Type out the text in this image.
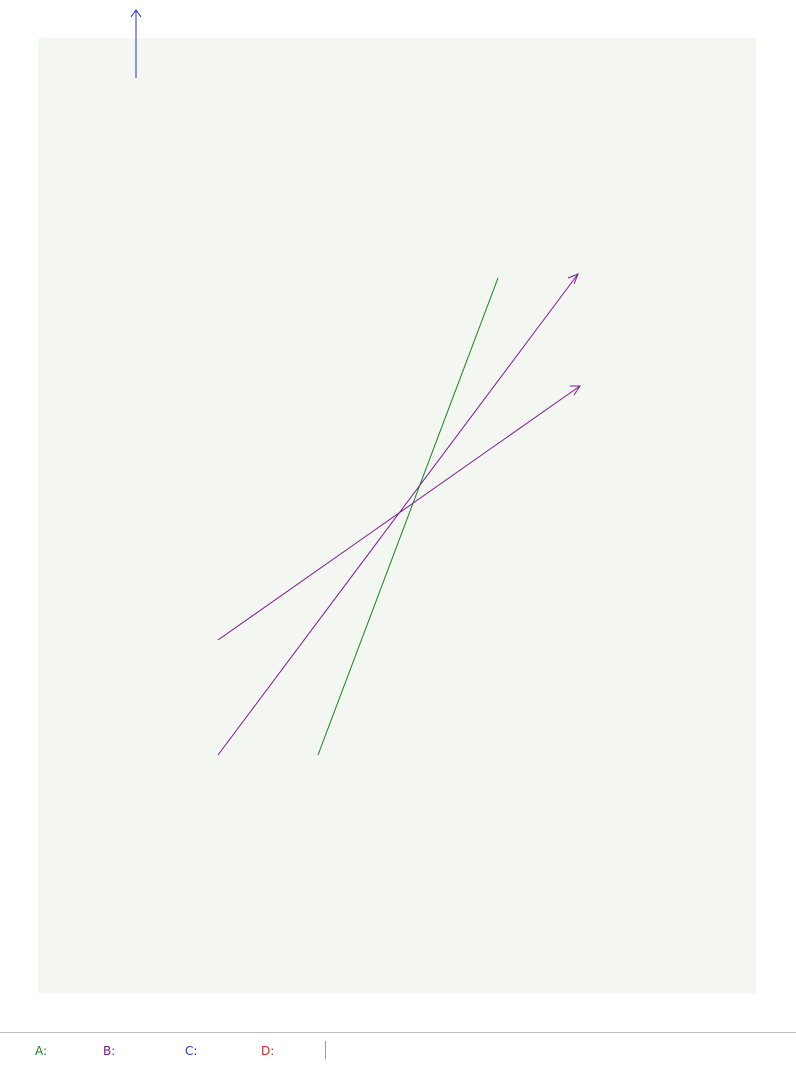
A:	B:	C:	D:
